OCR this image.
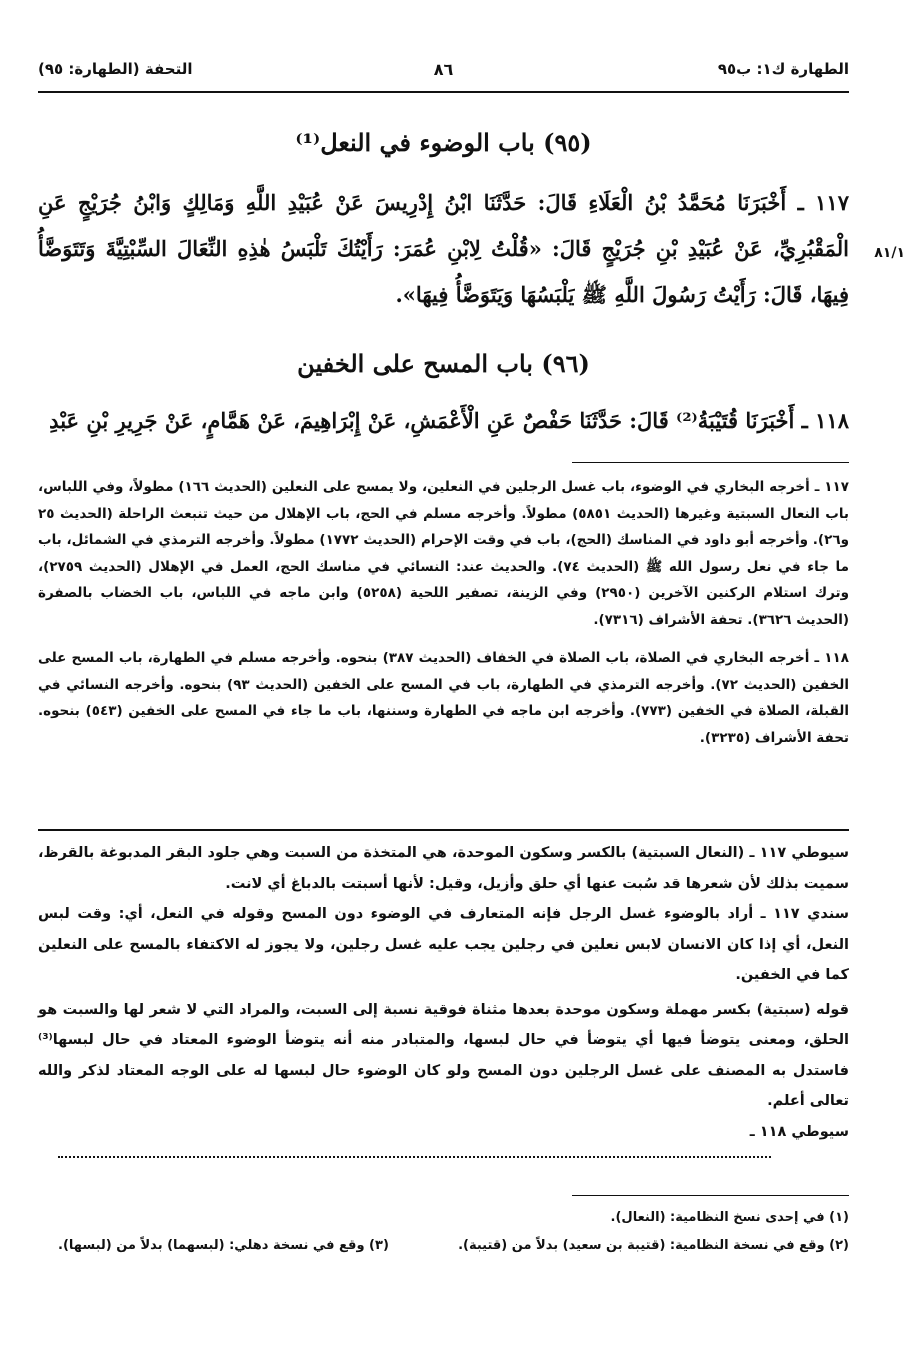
الطهارة ك١: ب٩٥
٨٦
التحفة (الطهارة: ٩٥)
(٩٥) باب الوضوء في النعل⁽¹⁾
٨١/١
١١٧ ـ أَخْبَرَنَا مُحَمَّدُ بْنُ الْعَلَاءِ قَالَ: حَدَّثَنَا ابْنُ إِدْرِيسَ عَنْ عُبَيْدِ اللَّهِ وَمَالِكٍ وَابْنُ جُرَيْجٍ عَنِ الْمَقْبُرِيِّ، عَنْ عُبَيْدِ بْنِ جُرَيْجٍ قَالَ: «قُلْتُ لِابْنِ عُمَرَ: رَأَيْتُكَ تَلْبَسُ هٰذِهِ النِّعَالَ السِّبْتِيَّةَ وَتَتَوَضَّأُ فِيهَا، قَالَ: رَأَيْتُ رَسُولَ اللَّهِ ﷺ يَلْبَسُهَا وَيَتَوَضَّأُ فِيهَا».
(٩٦) باب المسح على الخفين
١١٨ ـ أَخْبَرَنَا قُتَيْبَةُ⁽²⁾ قَالَ: حَدَّثَنَا حَفْصٌ عَنِ الْأَعْمَشِ، عَنْ إِبْرَاهِيمَ، عَنْ هَمَّامٍ، عَنْ جَرِيرِ بْنِ عَبْدِ

١١٧ ـ أخرجه البخاري في الوضوء، باب غسل الرجلين في النعلين، ولا يمسح على النعلين (الحديث ١٦٦) مطولاً، وفي اللباس، باب النعال السبتية وغيرها (الحديث ٥٨٥١) مطولاً. وأخرجه مسلم في الحج، باب الإهلال من حيث تنبعث الراحلة (الحديث ٢٥ و٢٦). وأخرجه أبو داود في المناسك (الحج)، باب في وقت الإحرام (الحديث ١٧٧٢) مطولاً. وأخرجه الترمذي في الشمائل، باب ما جاء في نعل رسول الله ﷺ (الحديث ٧٤). والحديث عند: النسائي في مناسك الحج، العمل في الإهلال (الحديث ٢٧٥٩)، وترك استلام الركنين الآخرين (٢٩٥٠) وفي الزينة، تصفير اللحية (٥٢٥٨) وابن ماجه في اللباس، باب الخضاب بالصفرة (الحديث ٣٦٢٦). تحفة الأشراف (٧٣١٦).

١١٨ ـ أخرجه البخاري في الصلاة، باب الصلاة في الخفاف (الحديث ٣٨٧) بنحوه. وأخرجه مسلم في الطهارة، باب المسح على الخفين (الحديث ٧٢). وأخرجه الترمذي في الطهارة، باب في المسح على الخفين (الحديث ٩٣) بنحوه. وأخرجه النسائي في القبلة، الصلاة في الخفين (٧٧٣). وأخرجه ابن ماجه في الطهارة وسننها، باب ما جاء في المسح على الخفين (٥٤٣) بنحوه. تحفة الأشراف (٣٢٣٥).

سيوطي ١١٧ ـ (النعال السبتية) بالكسر وسكون الموحدة، هي المتخذة من السبت وهي جلود البقر المدبوغة بالقرظ، سميت بذلك لأن شعرها قد سُبت عنها أي حلق وأزيل، وقيل: لأنها أسبتت بالدباغ أي لانت.

سندي ١١٧ ـ أراد بالوضوء غسل الرجل فإنه المتعارف في الوضوء دون المسح وقوله في النعل، أي: وقت لبس النعل، أي إذا كان الانسان لابس نعلين في رجلين يجب عليه غسل رجلين، ولا يجوز له الاكتفاء بالمسح على النعلين كما في الخفين.

قوله (سبتية) بكسر مهملة وسكون موحدة بعدها مثناة فوقية نسبة إلى السبت، والمراد التي لا شعر لها والسبت هو الحلق، ومعنى يتوضأ فيها أي يتوضأ في حال لبسها، والمتبادر منه أنه يتوضأ الوضوء المعتاد في حال لبسها⁽³⁾ فاستدل به المصنف على غسل الرجلين دون المسح ولو كان الوضوء حال لبسها له على الوجه المعتاد لذكر والله تعالى أعلم.

سيوطي ١١٨ ـ

(١) في إحدى نسخ النظامية: (النعال).
(٢) وقع في نسخة النظامية: (قتيبة بن سعيد) بدلاً من (قتيبة).
(٣) وقع في نسخة دهلي: (لبسهما) بدلاً من (لبسها).
